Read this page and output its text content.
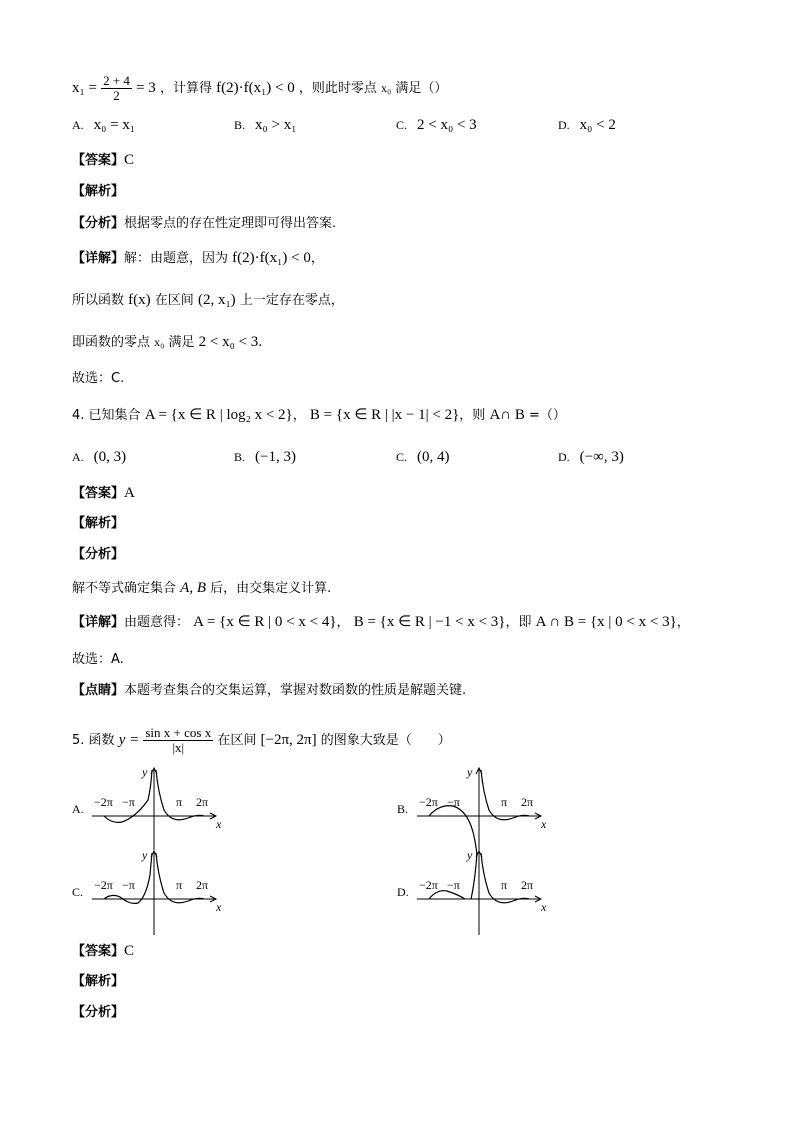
$x_1 = \frac{2 + 4}{2} = 3$ ，计算得 f(2)·f(x₁) < 0 ，则此时零点 x₀ 满足（）
A. x₀ = x₁	B. x₀ > x₁	C. 2 < x₀ < 3	D. x₀ < 2
【答案】C
【解析】
【分析】根据零点的存在性定理即可得出答案.
【详解】解：由题意，因为 f(2)·f(x₁) < 0，
所以函数 f(x) 在区间 (2, x₁) 上一定存在零点，
即函数的零点 x₀ 满足 2 < x₀ < 3.
故选：C.
4. 已知集合 A = {x ∈ R | log₂ x < 2}， B = {x ∈ R | |x − 1| < 2}，则 A∩ B =（）
A. (0, 3)	B. (−1, 3)	C. (0, 4)	D. (−∞, 3)
【答案】A
【解析】
【分析】
解不等式确定集合 A, B 后，由交集定义计算.
【详解】由题意得： A = {x ∈ R | 0 < x < 4}， B = {x ∈ R | −1 < x < 3}，即 A ∩ B = {x | 0 < x < 3}，
故选：A.
【点睛】本题考查集合的交集运算，掌握对数函数的性质是解题关键.
5. 函数 $y = \frac{\text{sin x + cos x}}{|x|}$ 在区间 [−2π, 2π] 的图象大致是（　　）
A.
y
x
−2π −π	π 2π	B.
y
x
−2π −π	π 2π
C.
y
x
−2π −π	π 2π	D.
y
x
−2π −π	π 2π
【答案】C
【解析】
【分析】
